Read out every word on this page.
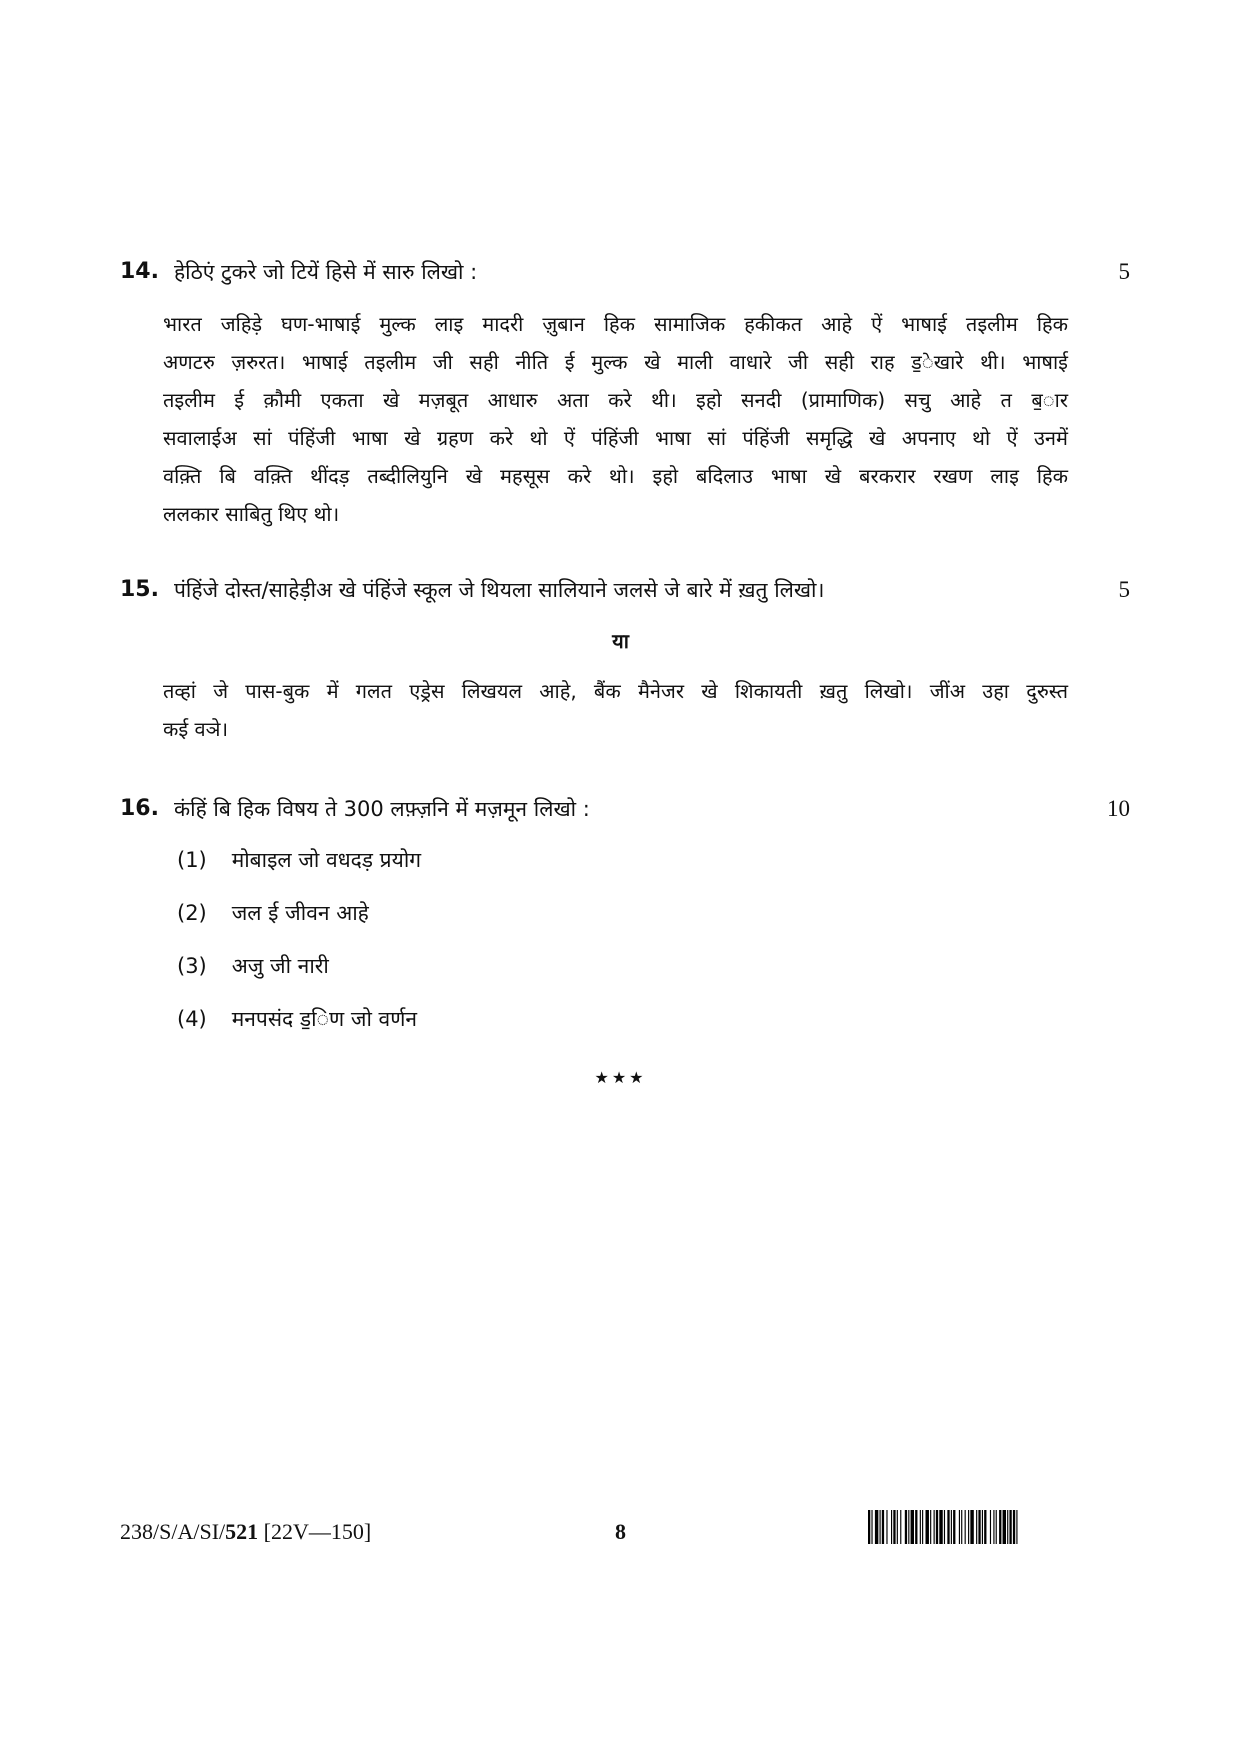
14. हेठिएं टुकरे जो टियें हिसे में सारु लिखो :	5
भारत जहिड़े घण-भाषाई मुल्क लाइ मादरी ज़ुबान हिक सामाजिक हकीकत आहे ऐं भाषाई तइलीम हिक
अणटरु ज़रुरत। भाषाई तइलीम जी सही नीति ई मुल्क खे माली वाधारे जी सही राह ड॒ेखारे थी। भाषाई
तइलीम ई क़ौमी एकता खे मज़बूत आधारु अता करे थी। इहो सनदी (प्रामाणिक) सचु आहे त ब॒ार
सवालाईअ सां पंहिंजी भाषा खे ग्रहण करे थो ऐं पंहिंजी भाषा सां पंहिंजी समृद्धि खे अपनाए थो ऐं उनमें
वक़्ति बि वक़्ति थींदड़ तब्दीलियुनि खे महसूस करे थो। इहो बदिलाउ भाषा खे बरकरार रखण लाइ हिक
ललकार साबितु थिए थो।
15. पंहिंजे दोस्त/साहेड़ीअ खे पंहिंजे स्कूल जे थियला सालियाने जलसे जे बारे में ख़तु लिखो।	5
या
तव्हां जे पास-बुक में गलत एड्रेस लिखयल आहे, बैंक मैनेजर खे शिकायती ख़तु लिखो। जींअ उहा दुरुस्त
कई वञे।
16. कंहिं बि हिक विषय ते 300 लफ़्ज़नि में मज़मून लिखो :	10
(1) मोबाइल जो वधदड़ प्रयोग
(2) जल ई जीवन आहे
(3) अजु जी नारी
(4) मनपसंद ड॒िण जो वर्णन
★★★
238/S/A/SI/521 [22V—150]	8
